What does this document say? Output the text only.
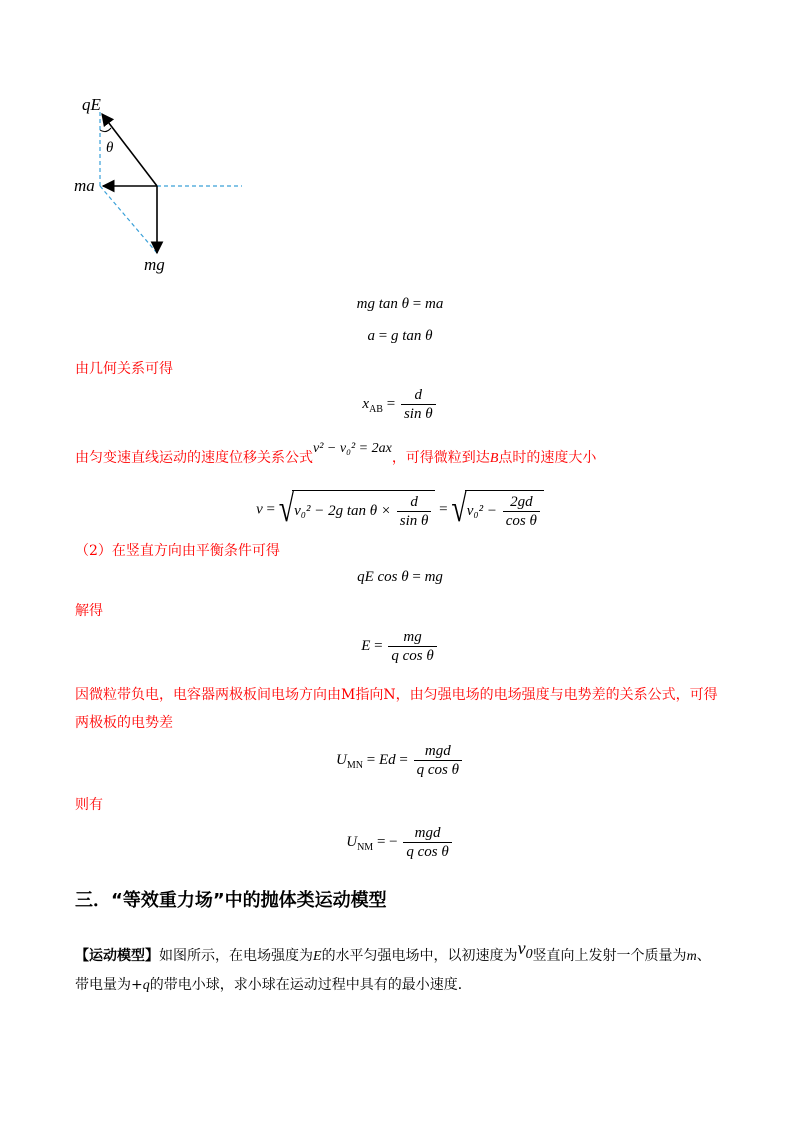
qE
θ
ma
mg
mg tan θ = ma
a = g tan θ
由几何关系可得
$x_{AB} = \frac{d}{\text{sin θ}}$
由匀变速直线运动的速度位移关系公式v² − v₀² = 2ax，可得微粒到达B点时的速度大小
v = √v₀² − 2g $\tan \theta \times \frac{d}{\text{sin θ}} = √v_0^2 - \frac{2gd}{\text{cos θ}}$
（2）在竖直方向由平衡条件可得
qE cos θ = mg
解得
$E = \frac{mg}{\text{q cos θ}}$
因微粒带负电，电容器两极板间电场方向由M指向N，由匀强电场的电场强度与电势差的关系公式，可得
两极板的电势差
$U_{MN} = Ed = \frac{\text{mgd}}{\text{q cos θ}}$
则有
$U_{NM}$ = − $\frac{\text{mgd}}{\text{q cos θ}}$
三．“等效重力场”中的抛体类运动模型
【运动模型】如图所示，在电场强度为E的水平匀强电场中，以初速度为$v_0$竖直向上发射一个质量为m、
带电量为+q的带电小球，求小球在运动过程中具有的最小速度．
